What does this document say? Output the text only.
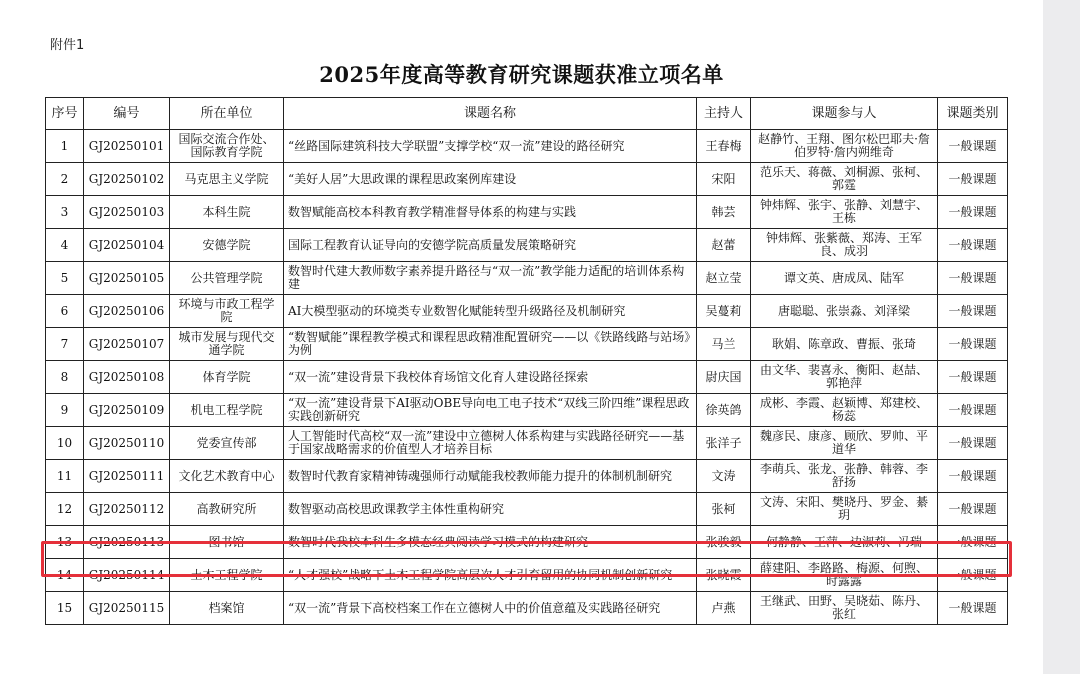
附件1
2025年度高等教育研究课题获准立项名单
序号	编号	所在单位	课题名称	主持人	课题参与人	课题类别
1	GJ20250101	国际交流合作处、国际教育学院	“丝路国际建筑科技大学联盟”支撑学校“双一流”建设的路径研究	王春梅	赵静竹、王翔、图尔松巴耶夫·詹伯罗特·詹内朔维奇	一般课题
2	GJ20250102	马克思主义学院	“美好人居”大思政课的课程思政案例库建设	宋阳	范乐天、蒋薇、刘桐源、张柯、郭霆	一般课题
3	GJ20250103	本科生院	数智赋能高校本科教育教学精准督导体系的构建与实践	韩芸	钟炜辉、张宇、张静、刘慧宇、王栋	一般课题
4	GJ20250104	安德学院	国际工程教育认证导向的安德学院高质量发展策略研究	赵蕾	钟炜辉、张紫薇、郑涛、王军良、成羽	一般课题
5	GJ20250105	公共管理学院	数智时代建大教师数字素养提升路径与“双一流”教学能力适配的培训体系构建	赵立莹	谭文英、唐成凤、陆军	一般课题
6	GJ20250106	环境与市政工程学院	AI大模型驱动的环境类专业数智化赋能转型升级路径及机制研究	吴蔓莉	唐聪聪、张崇淼、刘泽梁	一般课题
7	GJ20250107	城市发展与现代交通学院	“数智赋能”课程教学模式和课程思政精准配置研究——以《铁路线路与站场》为例	马兰	耿娟、陈章政、曹振、张琦	一般课题
8	GJ20250108	体育学院	“双一流”建设背景下我校体育场馆文化育人建设路径探索	尉庆国	由文华、裴喜永、衡阳、赵喆、郭艳萍	一般课题
9	GJ20250109	机电工程学院	“双一流”建设背景下AI驱动OBE导向电工电子技术“双线三阶四维”课程思政实践创新研究	徐英鸽	成彬、李霞、赵颖博、郑建校、杨蕊	一般课题
10	GJ20250110	党委宣传部	人工智能时代高校“双一流”建设中立德树人体系构建与实践路径研究——基于国家战略需求的价值型人才培养目标	张洋子	魏彦民、康彦、顾欣、罗帅、平道华	一般课题
11	GJ20250111	文化艺术教育中心	数智时代教育家精神铸魂强师行动赋能我校教师能力提升的体制机制研究	文涛	李萌兵、张龙、张静、韩蓉、李舒扬	一般课题
12	GJ20250112	高教研究所	数智驱动高校思政课教学主体性重构研究	张柯	文涛、宋阳、樊晓丹、罗金、綦玥	一般课题
13	GJ20250113	图书馆	数智时代我校本科生多模态经典阅读学习模式的构建研究	张骏毅	何静静、王萍、边淑莉、冯瑞	一般课题
14	GJ20250114	土木工程学院	“人才强校”战略下土木工程学院高层次人才引育留用的协同机制创新研究	张晓霞	薛建阳、李路路、梅源、何煦、时露露	一般课题
15	GJ20250115	档案馆	“双一流”背景下高校档案工作在立德树人中的价值意蕴及实践路径研究	卢燕	王继武、田野、吴晓茹、陈丹、张红	一般课题
